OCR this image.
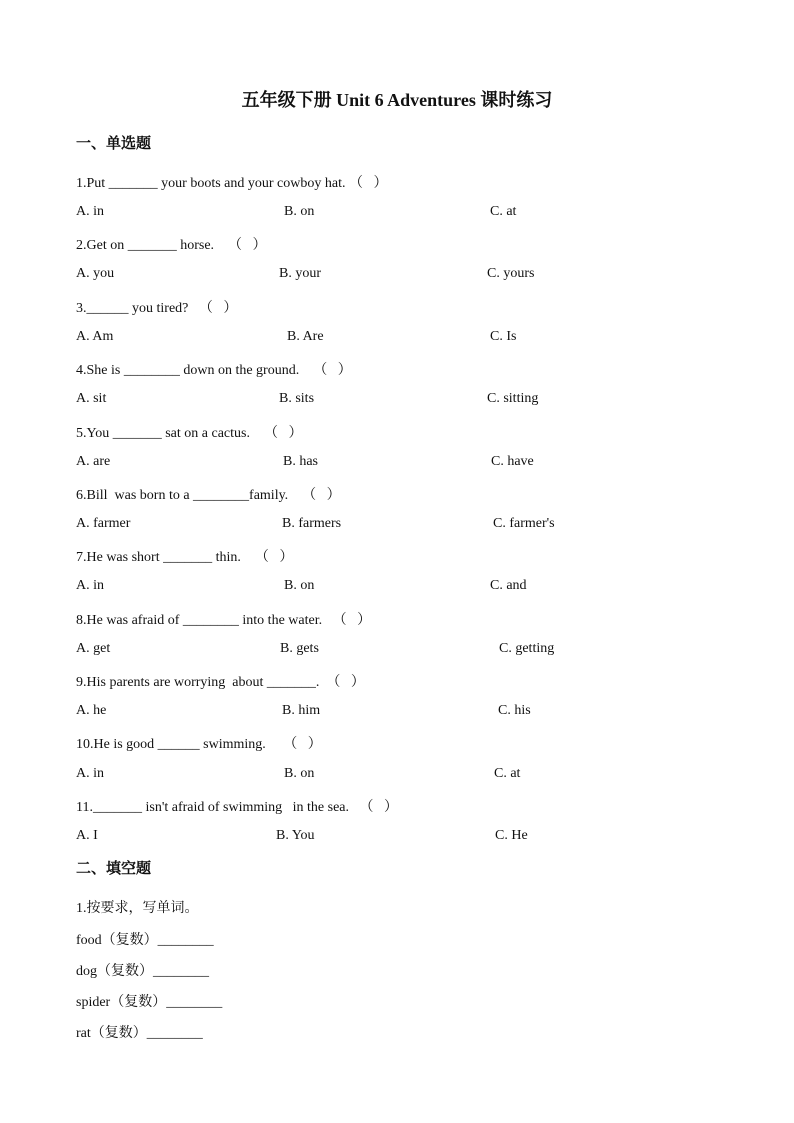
五年级下册 Unit 6 Adventures 课时练习
一、单选题
1.Put _______ your boots and your cowboy hat. （   ）
A. in	B. on	C. at
2.Get on _______ horse.    （   ）
A. you	B. your	C. yours
3.______ you tired?   （   ）
A. Am	B. Are	C. Is
4.She is ________ down on the ground.    （   ）
A. sit	B. sits	C. sitting
5.You _______ sat on a cactus.    （   ）
A. are	B. has	C. have
6.Bill  was born to a ________family.    （   ）
A. farmer	B. farmers	C. farmer's
7.He was short _______ thin.    （   ）
A. in	B. on	C. and
8.He was afraid of ________ into the water.   （   ）
A. get	B. gets	C. getting
9.His parents are worrying  about _______.  （   ）
A. he	B. him	C. his
10.He is good ______ swimming.     （   ）
A. in	B. on	C. at
11._______ isn't afraid of swimming   in the sea.   （   ）
A. I	B. You	C. He
二、填空题
1.按要求，写单词。
food（复数）________
dog（复数）________
spider（复数）________
rat（复数）________
